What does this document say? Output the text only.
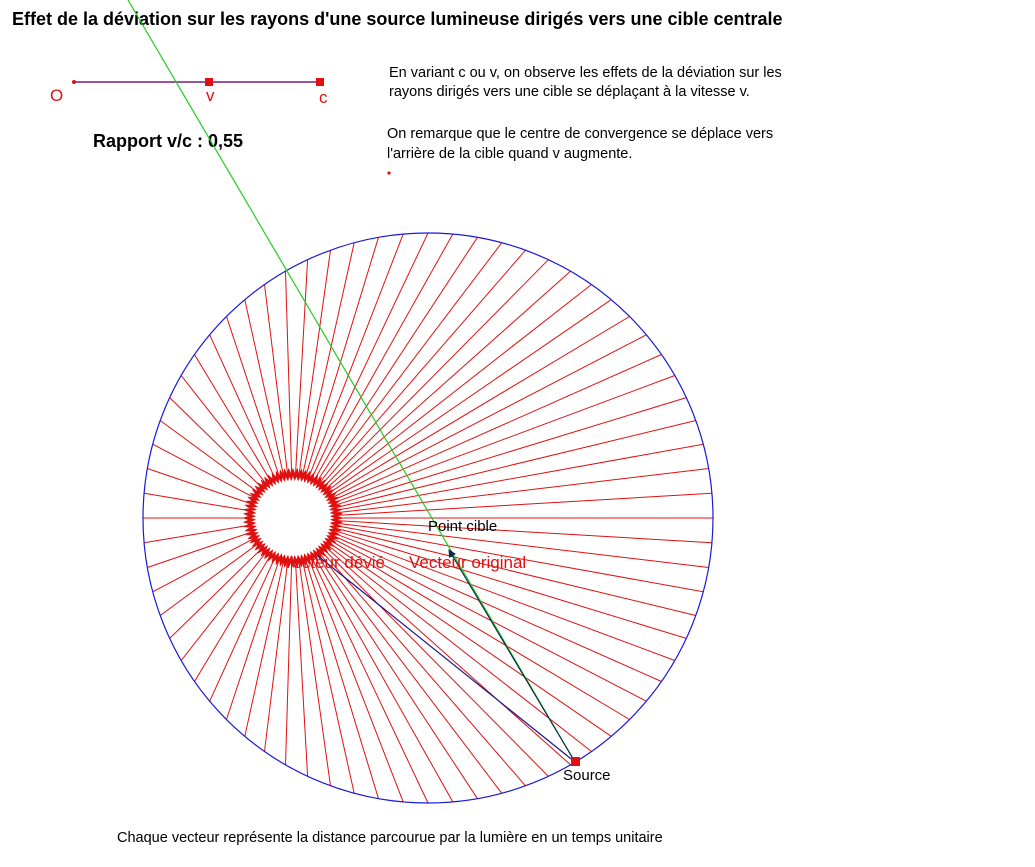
Effet de la déviation sur les rayons d'une source lumineuse dirigés vers une cible centrale
O	v	c
Rapport v/c : 0,55
En variant c ou v, on observe les effets de la déviation sur les
rayons dirigés vers une cible se déplaçant à la vitesse v.
On remarque que le centre de convergence se déplace vers
l'arrière de la cible quand v augmente.
Point cible
Vecteur dévié Vecteur original
Source
Chaque vecteur représente la distance parcourue par la lumière en un temps unitaire
